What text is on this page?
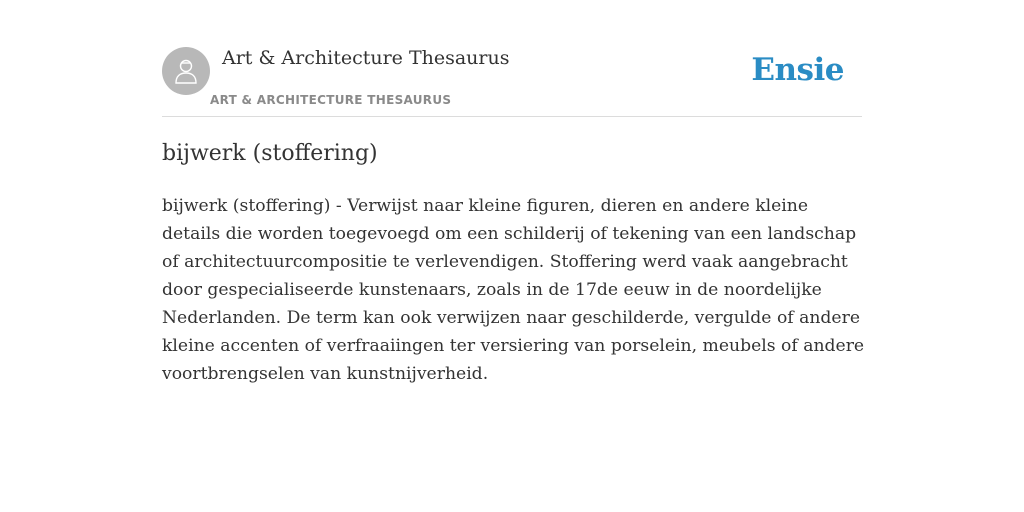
Art & Architecture Thesaurus
ART & ARCHITECTURE THESAURUS
Ensie
bijwerk (stoffering)

bijwerk (stoffering) - Verwijst naar kleine figuren, dieren en andere kleine details die worden toegevoegd om een schilderij of tekening van een landschap of architectuurcompositie te verlevendigen. Stoffering werd vaak aangebracht door gespecialiseerde kunstenaars, zoals in de 17de eeuw in de noordelijke Nederlanden. De term kan ook verwijzen naar geschilderde, vergulde of andere kleine accenten of verfraaiingen ter versiering van porselein, meubels of andere voortbrengselen van kunstnijverheid.
